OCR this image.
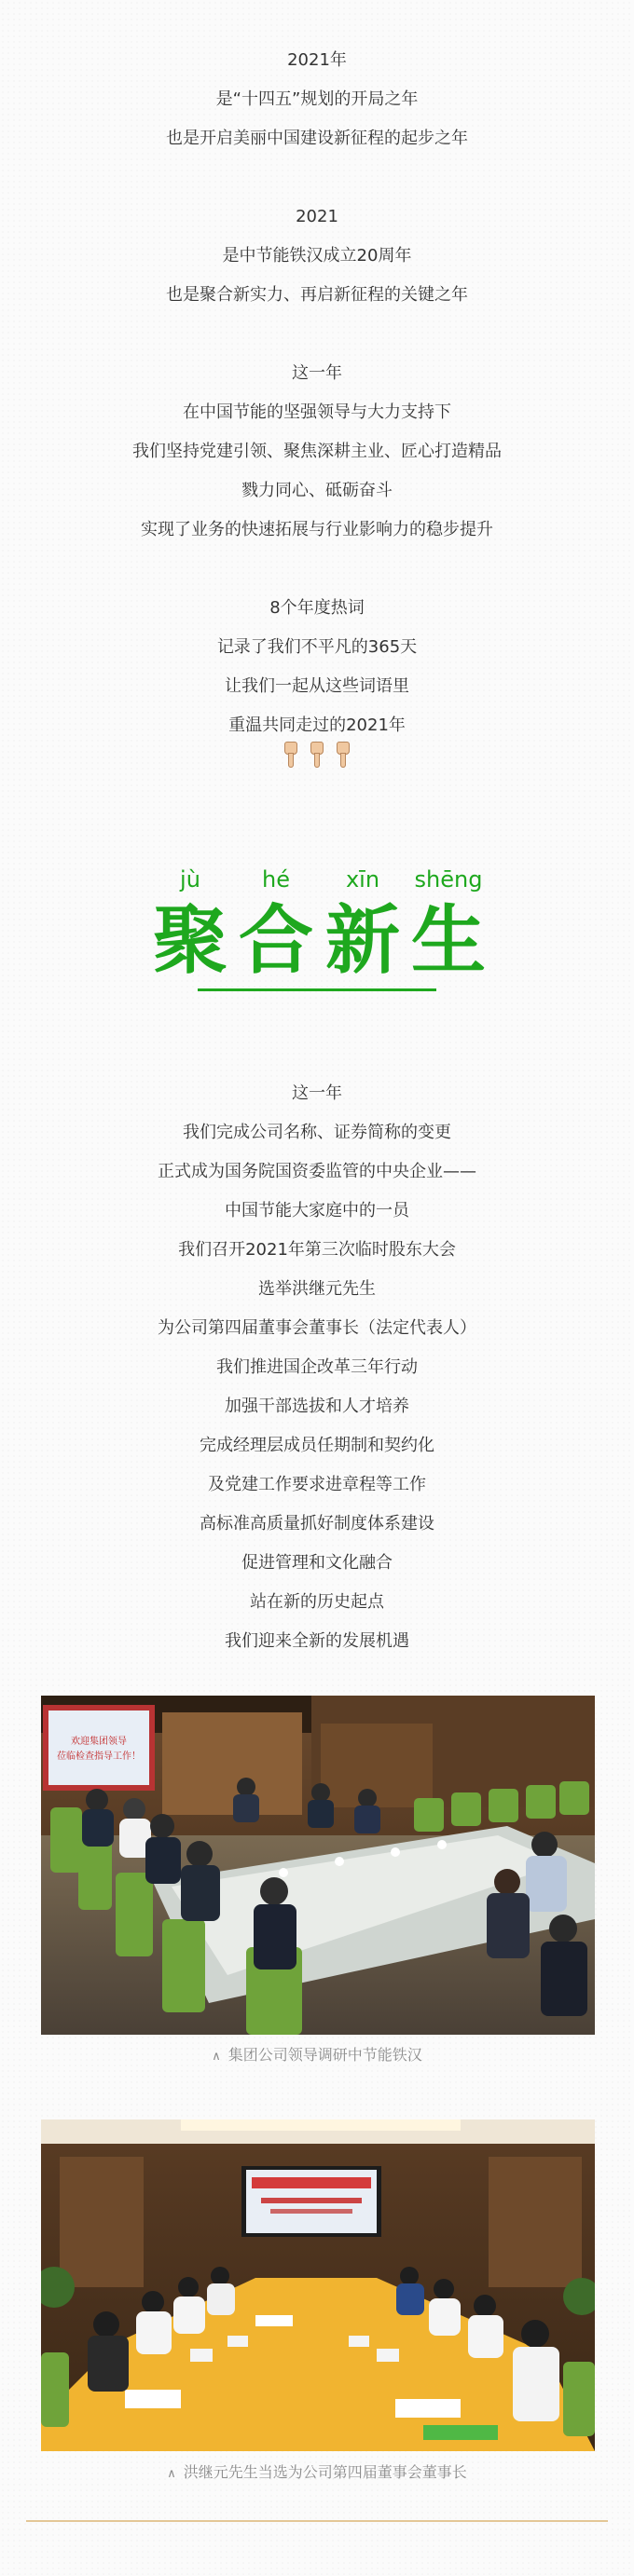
2021年
是“十四五”规划的开局之年
也是开启美丽中国建设新征程的起步之年
2021
是中节能铁汉成立20周年
也是聚合新实力、再启新征程的关键之年
这一年
在中国节能的坚强领导与大力支持下
我们坚持党建引领、聚焦深耕主业、匠心打造精品
戮力同心、砥砺奋斗
实现了业务的快速拓展与行业影响力的稳步提升
8个年度热词
记录了我们不平凡的365天
让我们一起从这些词语里
重温共同走过的2021年
jù	hé	xīn	shēng
聚 合 新 生
这一年
我们完成公司名称、证券简称的变更
正式成为国务院国资委监管的中央企业——
中国节能大家庭中的一员
我们召开2021年第三次临时股东大会
选举洪继元先生
为公司第四届董事会董事长（法定代表人）
我们推进国企改革三年行动
加强干部选拔和人才培养
完成经理层成员任期制和契约化
及党建工作要求进章程等工作
高标准高质量抓好制度体系建设
促进管理和文化融合
站在新的历史起点
我们迎来全新的发展机遇
欢迎集团领导
莅临检查指导工作！
∧ 集团公司领导调研中节能铁汉
∧ 洪继元先生当选为公司第四届董事会董事长
